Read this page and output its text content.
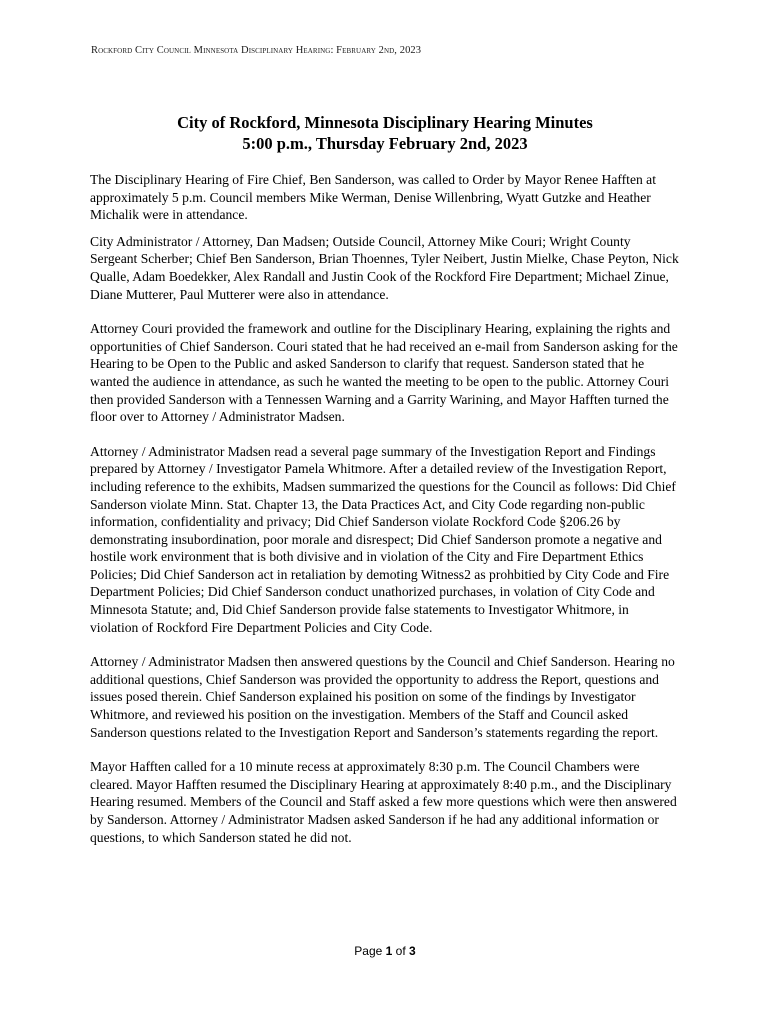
Rockford City Council Minnesota Disciplinary Hearing: February 2nd, 2023
City of Rockford, Minnesota Disciplinary Hearing Minutes
5:00 p.m., Thursday February 2nd, 2023

The Disciplinary Hearing of Fire Chief, Ben Sanderson, was called to Order by Mayor Renee Hafften at approximately 5 p.m. Council members Mike Werman, Denise Willenbring, Wyatt Gutzke and Heather Michalik were in attendance.

City Administrator / Attorney, Dan Madsen; Outside Council, Attorney Mike Couri; Wright County Sergeant Scherber; Chief Ben Sanderson, Brian Thoennes, Tyler Neibert, Justin Mielke, Chase Peyton, Nick Qualle, Adam Boedekker, Alex Randall and Justin Cook of the Rockford Fire Department; Michael Zinue, Diane Mutterer, Paul Mutterer were also in attendance.

Attorney Couri provided the framework and outline for the Disciplinary Hearing, explaining the rights and opportunities of Chief Sanderson. Couri stated that he had received an e-mail from Sanderson asking for the Hearing to be Open to the Public and asked Sanderson to clarify that request. Sanderson stated that he wanted the audience in attendance, as such he wanted the meeting to be open to the public. Attorney Couri then provided Sanderson with a Tennessen Warning and a Garrity Warining, and Mayor Hafften turned the floor over to Attorney / Administrator Madsen.

Attorney / Administrator Madsen read a several page summary of the Investigation Report and Findings prepared by Attorney / Investigator Pamela Whitmore. After a detailed review of the Investigation Report, including reference to the exhibits, Madsen summarized the questions for the Council as follows: Did Chief Sanderson violate Minn. Stat. Chapter 13, the Data Practices Act, and City Code regarding non-public information, confidentiality and privacy; Did Chief Sanderson violate Rockford Code §206.26 by demonstrating insubordination, poor morale and disrespect; Did Chief Sanderson promote a negative and hostile work environment that is both divisive and in violation of the City and Fire Department Ethics Policies; Did Chief Sanderson act in retaliation by demoting Witness2 as prohbitied by City Code and Fire Department Policies; Did Chief Sanderson conduct unathorized purchases, in volation of City Code and Minnesota Statute; and, Did Chief Sanderson provide false statements to Investigator Whitmore, in violation of Rockford Fire Department Policies and City Code.

Attorney / Administrator Madsen then answered questions by the Council and Chief Sanderson. Hearing no additional questions, Chief Sanderson was provided the opportunity to address the Report, questions and issues posed therein. Chief Sanderson explained his position on some of the findings by Investigator Whitmore, and reviewed his position on the investigation. Members of the Staff and Council asked Sanderson questions related to the Investigation Report and Sanderson’s statements regarding the report.

Mayor Hafften called for a 10 minute recess at approximately 8:30 p.m. The Council Chambers were cleared. Mayor Hafften resumed the Disciplinary Hearing at approximately 8:40 p.m., and the Disciplinary Hearing resumed. Members of the Council and Staff asked a few more questions which were then answered by Sanderson. Attorney / Administrator Madsen asked Sanderson if he had any additional information or questions, to which Sanderson stated he did not.

Page 1 of 3
